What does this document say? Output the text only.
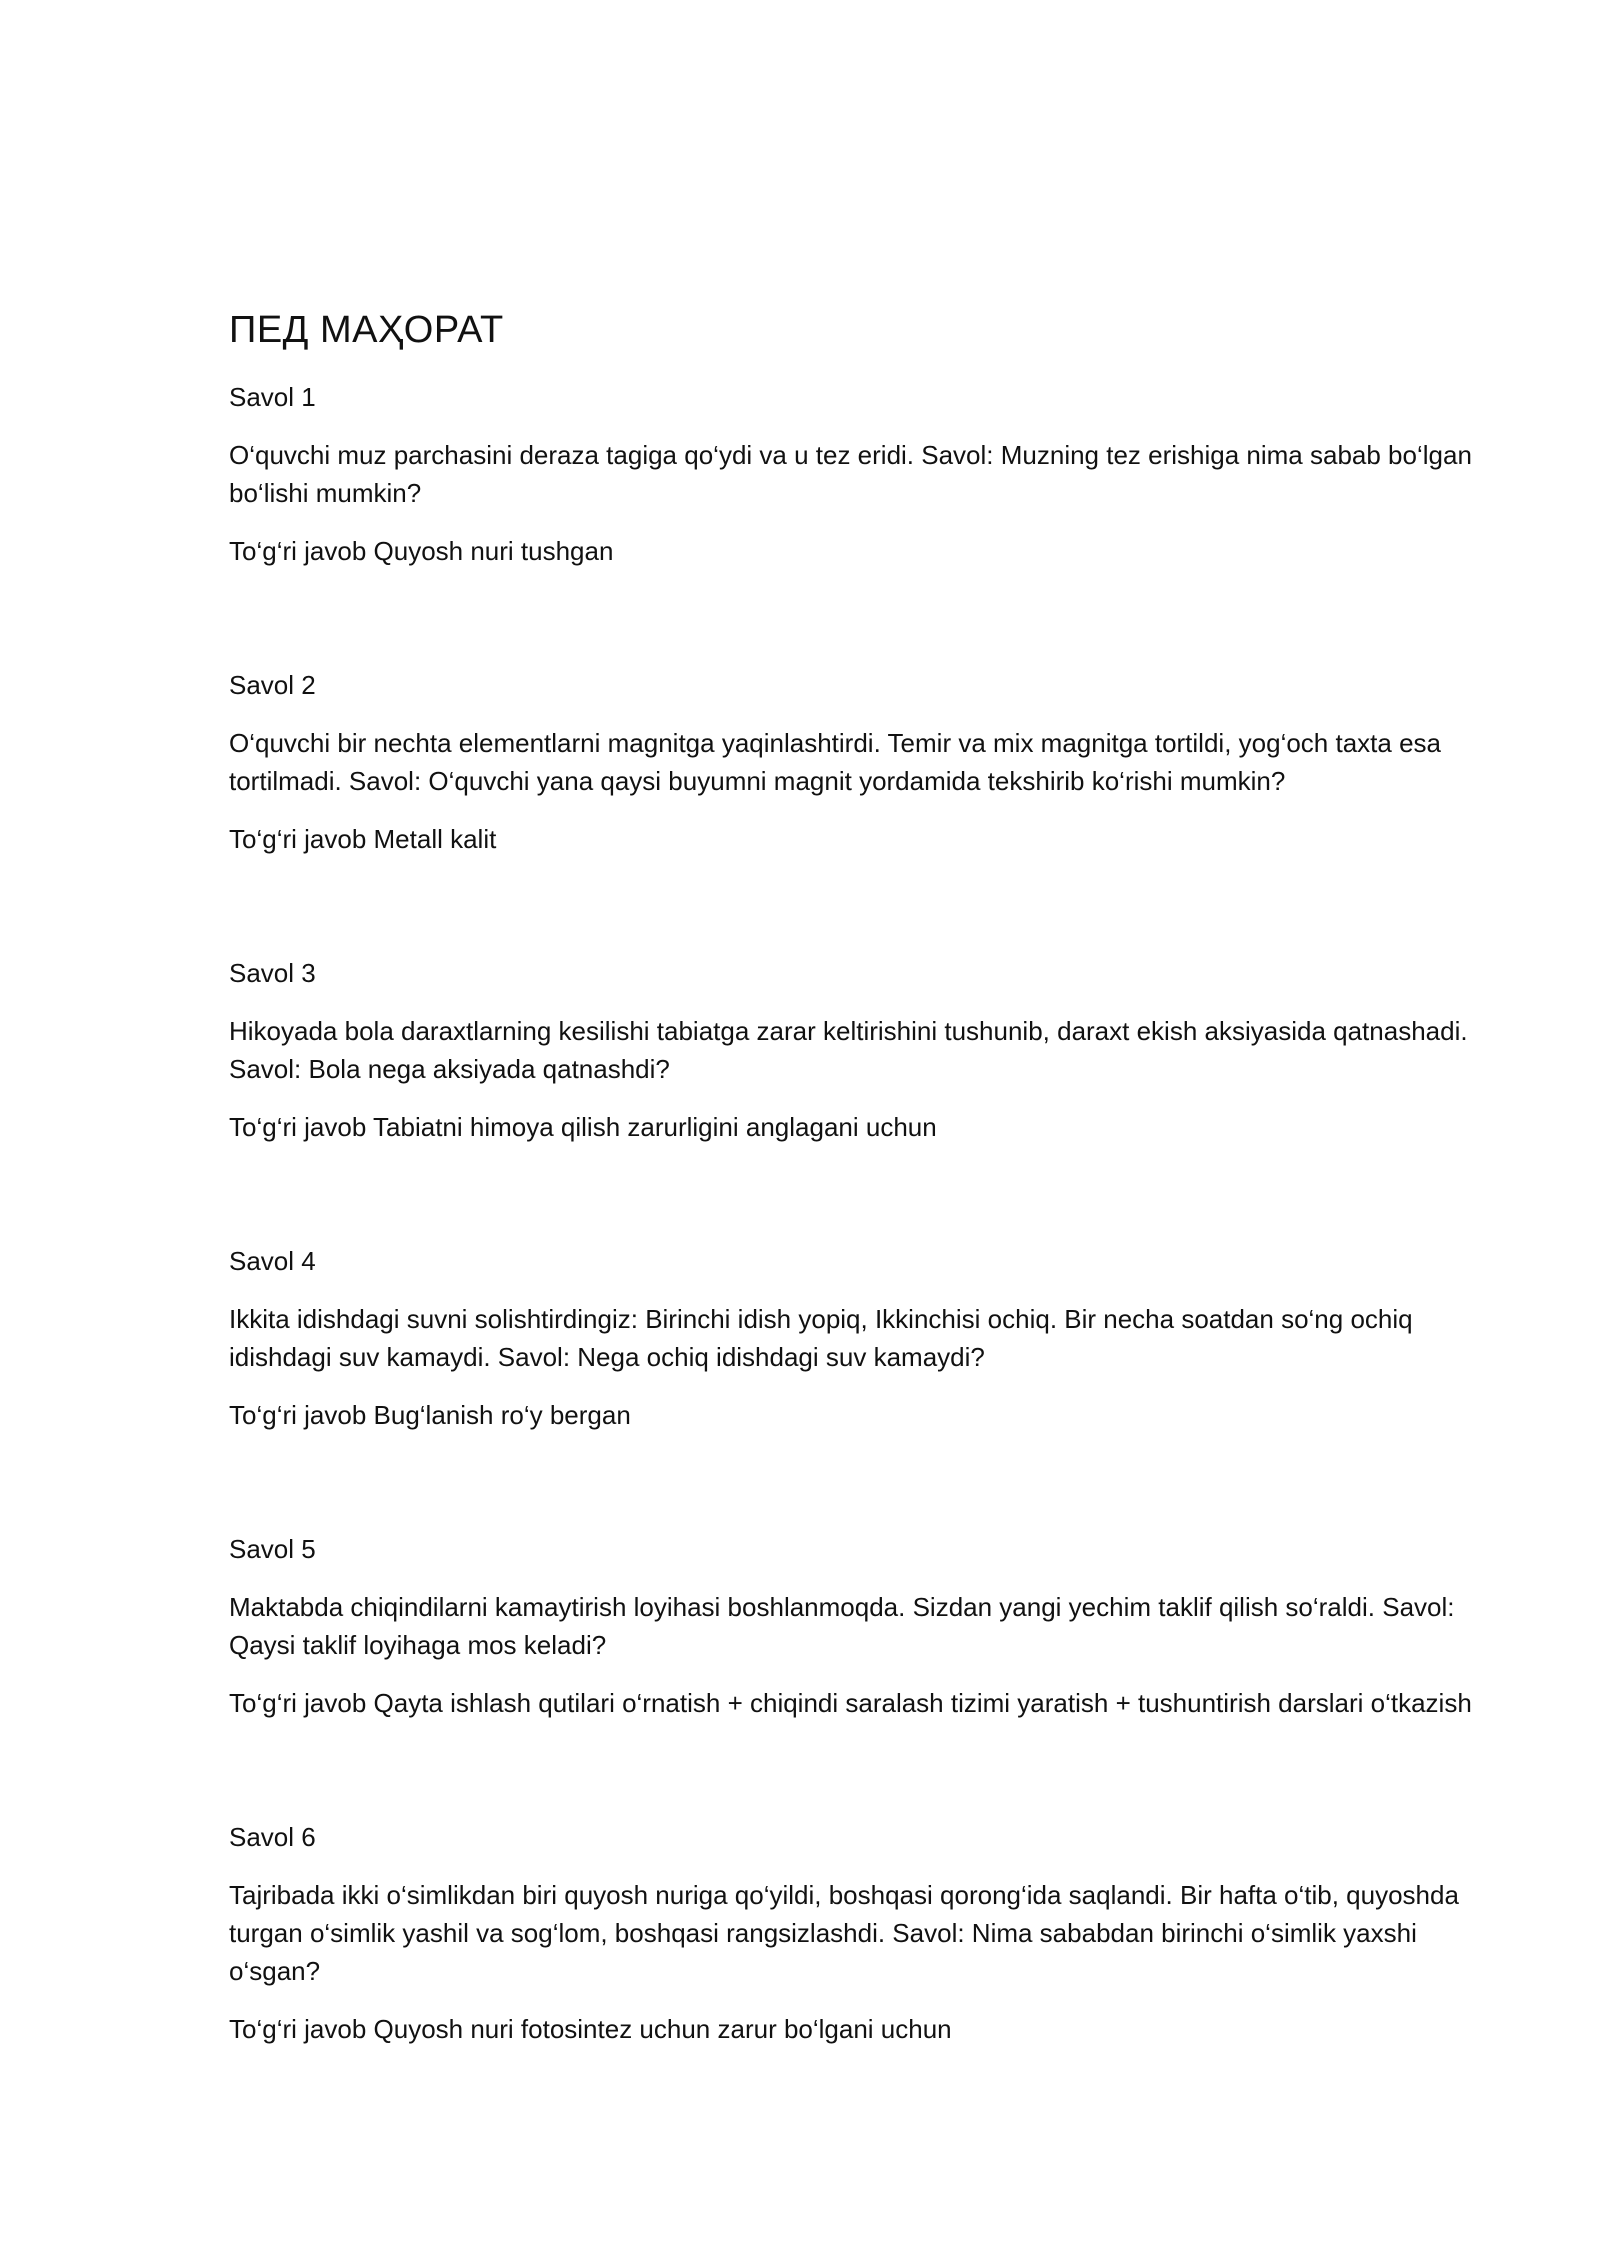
ПЕД МАҲОРАТ

Savol 1

O‘quvchi muz parchasini deraza tagiga qo‘ydi va u tez eridi. Savol: Muzning tez erishiga nima sabab bo‘lgan bo‘lishi mumkin?

To‘g‘ri javob Quyosh nuri tushgan

Savol 2

O‘quvchi bir nechta elementlarni magnitga yaqinlashtirdi. Temir va mix magnitga tortildi, yog‘och taxta esa tortilmadi. Savol: O‘quvchi yana qaysi buyumni magnit yordamida tekshirib ko‘rishi mumkin?

To‘g‘ri javob Metall kalit

Savol 3

Hikoyada bola daraxtlarning kesilishi tabiatga zarar keltirishini tushunib, daraxt ekish aksiyasida qatnashadi. Savol: Bola nega aksiyada qatnashdi?

To‘g‘ri javob Tabiatni himoya qilish zarurligini anglagani uchun

Savol 4

Ikkita idishdagi suvni solishtirdingiz: Birinchi idish yopiq, Ikkinchisi ochiq. Bir necha soatdan so‘ng ochiq idishdagi suv kamaydi. Savol: Nega ochiq idishdagi suv kamaydi?

To‘g‘ri javob Bug‘lanish ro‘y bergan

Savol 5

Maktabda chiqindilarni kamaytirish loyihasi boshlanmoqda. Sizdan yangi yechim taklif qilish so‘raldi. Savol: Qaysi taklif loyihaga mos keladi?

To‘g‘ri javob Qayta ishlash qutilari o‘rnatish + chiqindi saralash tizimi yaratish + tushuntirish darslari o‘tkazish

Savol 6

Tajribada ikki o‘simlikdan biri quyosh nuriga qo‘yildi, boshqasi qorong‘ida saqlandi. Bir hafta o‘tib, quyoshda turgan o‘simlik yashil va sog‘lom, boshqasi rangsizlashdi. Savol: Nima sababdan birinchi o‘simlik yaxshi o‘sgan?

To‘g‘ri javob Quyosh nuri fotosintez uchun zarur bo‘lgani uchun
